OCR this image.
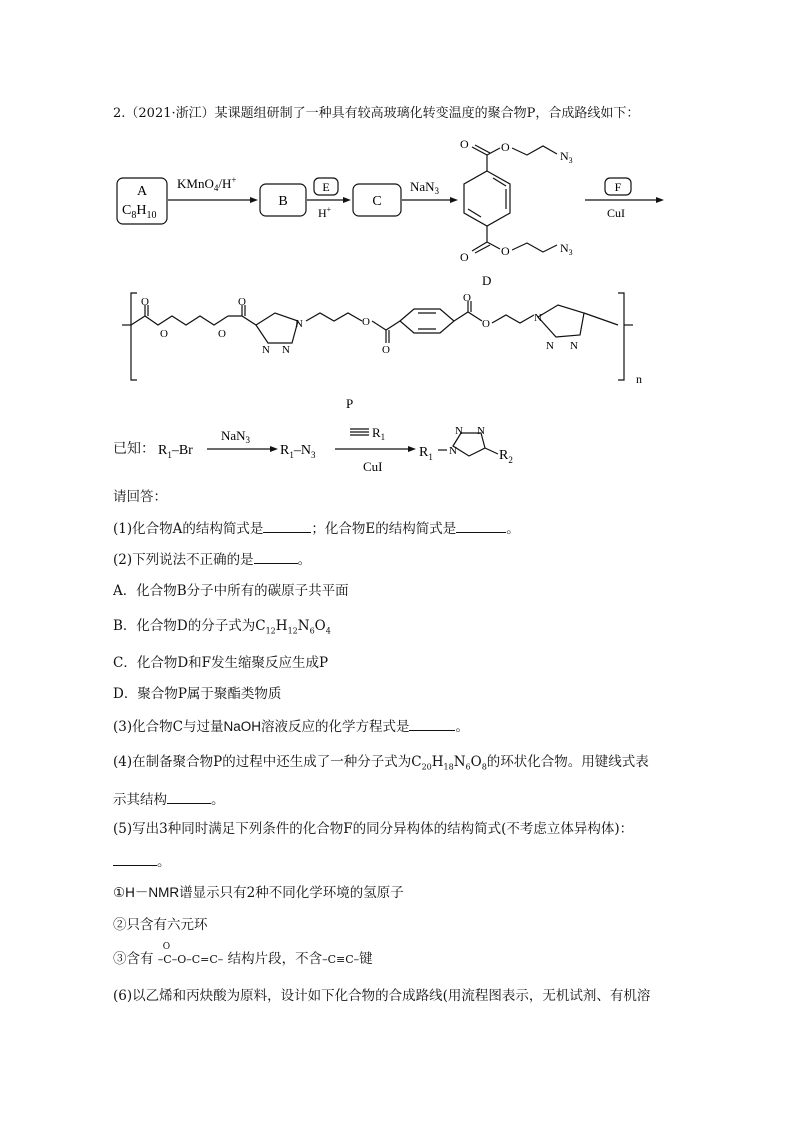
2.（2021·浙江）某课题组研制了一种具有较高玻璃化转变温度的聚合物P，合成路线如下：
A
$C_8H_{10}$
KMnO$_4$/H+
B
E
H+
C
NaN$_3$
O	O
$N_3$
O	O	$N_3$
D
F
CuI
O
O	O
O
N
N
N
O
O
O
O	N
N N
n
P
已知： $R_1-Br$
NaN$_3$
$R_1-N_3$
$R_1$
CuI
$R_1$ N
N N
$R_2$
请回答：
(1)化合物A的结构简式是	；化合物E的结构简式是	。
(2)下列说法不正确的是	。
A．化合物B分子中所有的碳原子共平面
B．化合物D的分子式为$C_{12}H_{12}N_6O_4$
C．化合物D和F发生缩聚反应生成P
D．聚合物P属于聚酯类物质
(3)化合物C与过量NaOH溶液反应的化学方程式是	。
(4)在制备聚合物P的过程中还生成了一种分子式为$C_{20}H_{18}N_6O_8$的环状化合物。用键线式表
示其结构	。
(5)写出3种同时满足下列条件的化合物F的同分异构体的结构简式(不考虑立体异构体)：
。
①H－NMR谱显示只有2种不同化学环境的氢原子
②只含有六元环
③含有
O
–C–O–C=C– 结构片段，不含–C≡C–键
(6)以乙烯和丙炔酸为原料，设计如下化合物的合成路线(用流程图表示，无机试剂、有机溶
